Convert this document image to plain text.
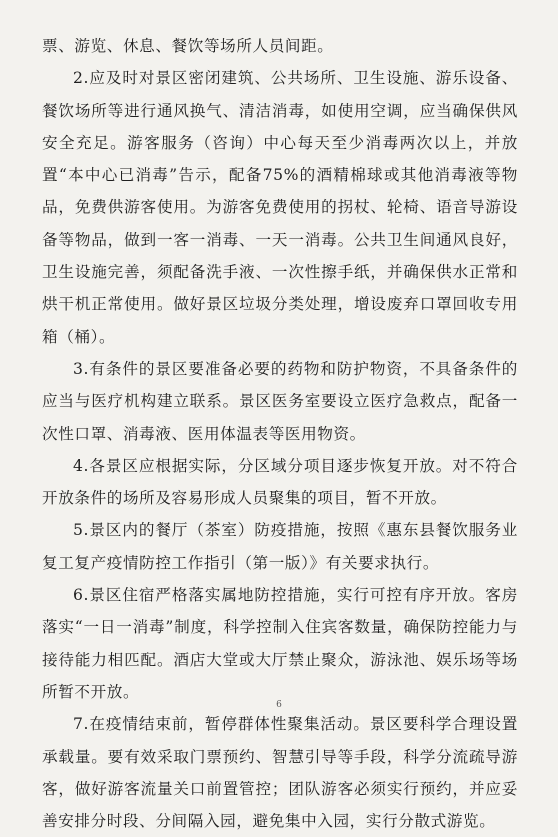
票、游览、休息、餐饮等场所人员间距。

2.应及时对景区密闭建筑、公共场所、卫生设施、游乐设备、餐饮场所等进行通风换气、清洁消毒，如使用空调，应当确保供风安全充足。游客服务（咨询）中心每天至少消毒两次以上，并放置“本中心已消毒”告示，配备75%的酒精棉球或其他消毒液等物品，免费供游客使用。为游客免费使用的拐杖、轮椅、语音导游设备等物品，做到一客一消毒、一天一消毒。公共卫生间通风良好，卫生设施完善，须配备洗手液、一次性擦手纸，并确保供水正常和烘干机正常使用。做好景区垃圾分类处理，增设废弃口罩回收专用箱（桶）。

3.有条件的景区要准备必要的药物和防护物资，不具备条件的应当与医疗机构建立联系。景区医务室要设立医疗急救点，配备一次性口罩、消毒液、医用体温表等医用物资。

4.各景区应根据实际，分区域分项目逐步恢复开放。对不符合开放条件的场所及容易形成人员聚集的项目，暂不开放。

5.景区内的餐厅（茶室）防疫措施，按照《惠东县餐饮服务业复工复产疫情防控工作指引（第一版）》有关要求执行。

6.景区住宿严格落实属地防控措施，实行可控有序开放。客房落实“一日一消毒”制度，科学控制入住宾客数量，确保防控能力与接待能力相匹配。酒店大堂或大厅禁止聚众，游泳池、娱乐场等场所暂不开放。

7.在疫情结束前，暂停群体性聚集活动。景区要科学合理设置承载量。要有效采取门票预约、智慧引导等手段，科学分流疏导游客，做好游客流量关口前置管控；团队游客必须实行预约，并应妥善安排分时段、分间隔入园，避免集中入园，实行分散式游览。

6
